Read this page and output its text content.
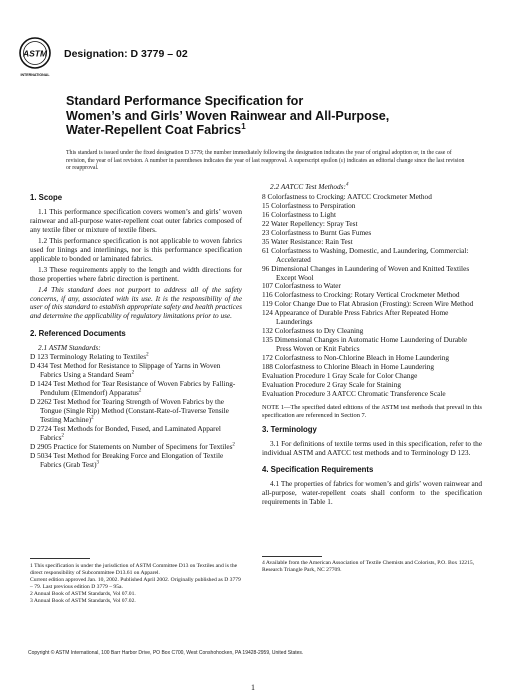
ASTM
INTERNATIONAL
Designation: D 3779 – 02
Standard Performance Specification for
Women’s and Girls’ Woven Rainwear and All-Purpose,
Water-Repellent Coat Fabrics$^1$
This standard is issued under the fixed designation D 3779; the number immediately following the designation indicates the year of original adoption or, in the case of revision, the year of last revision. A number in parentheses indicates the year of last reapproval. A superscript epsilon (ε) indicates an editorial change since the last revision or reapproval.
1. Scope

1.1 This performance specification covers women’s and girls’ woven rainwear and all-purpose water-repellent coat outer fabrics composed of any textile fiber or mixture of textile fibers.

1.2 This performance specification is not applicable to woven fabrics used for linings and interlinings, nor is this performance specification applicable to bonded or laminated fabrics.

1.3 These requirements apply to the length and width directions for those properties where fabric direction is pertinent.

1.4 This standard does not purport to address all of the safety concerns, if any, associated with its use. It is the responsibility of the user of this standard to establish appropriate safety and health practices and determine the applicability of regulatory limitations prior to use.

2. Referenced Documents

2.1 ASTM Standards:

D 123 Terminology Relating to Textiles$^2$

D 434 Test Method for Resistance to Slippage of Yarns in Woven Fabrics Using a Standard Seam$^2$

D 1424 Test Method for Tear Resistance of Woven Fabrics by Falling-Pendulum (Elmendorf) Apparatus$^2$

D 2262 Test Method for Tearing Strength of Woven Fabrics by the Tongue (Single Rip) Method (Constant-Rate-of-Traverse Tensile Testing Machine)$^2$

D 2724 Test Methods for Bonded, Fused, and Laminated Apparel Fabrics$^2$

D 2905 Practice for Statements on Number of Specimens for Textiles$^2$

D 5034 Test Method for Breaking Force and Elongation of Textile Fabrics (Grab Test)$^3$

2.2 AATCC Test Methods:$^4$

8 Colorfastness to Crocking: AATCC Crockmeter Method

15 Colorfastness to Perspiration

16 Colorfastness to Light

22 Water Repellency: Spray Test

23 Colorfastness to Burnt Gas Fumes

35 Water Resistance: Rain Test

61 Colorfastness to Washing, Domestic, and Laundering, Commercial: Accelerated

96 Dimensional Changes in Laundering of Woven and Knitted Textiles Except Wool

107 Colorfastness to Water

116 Colorfastness to Crocking: Rotary Vertical Crockmeter Method

119 Color Change Due to Flat Abrasion (Frosting): Screen Wire Method

124 Appearance of Durable Press Fabrics After Repeated Home Launderings

132 Colorfastness to Dry Cleaning

135 Dimensional Changes in Automatic Home Laundering of Durable Press Woven or Knit Fabrics

172 Colorfastness to Non-Chlorine Bleach in Home Laundering

188 Colorfastness to Chlorine Bleach in Home Laundering

Evaluation Procedure 1 Gray Scale for Color Change

Evaluation Procedure 2 Gray Scale for Staining

Evaluation Procedure 3 AATCC Chromatic Transference Scale

NOTE 1—The specified dated editions of the ASTM test methods that prevail in this specification are referenced in Section 7.

3. Terminology

3.1 For definitions of textile terms used in this specification, refer to the individual ASTM and AATCC test methods and to Terminology D 123.

4. Specification Requirements

4.1 The properties of fabrics for women’s and girls’ woven rainwear and all-purpose, water-repellent coats shall conform to the specification requirements in Table 1.

1 This specification is under the jurisdiction of ASTM Committee D13 on Textiles and is the direct responsibility of Subcommittee D13.61 on Apparel.
Current edition approved Jan. 10, 2002. Published April 2002. Originally published as D 3779 – 79. Last previous edition D 3779 – 95a.
2 Annual Book of ASTM Standards, Vol 07.01.
3 Annual Book of ASTM Standards, Vol 07.02.
4 Available from the American Association of Textile Chemists and Colorists, P.O. Box 12215, Research Triangle Park, NC 27709.
Copyright © ASTM International, 100 Barr Harbor Drive, PO Box C700, West Conshohocken, PA 19428-2959, United States.
1
